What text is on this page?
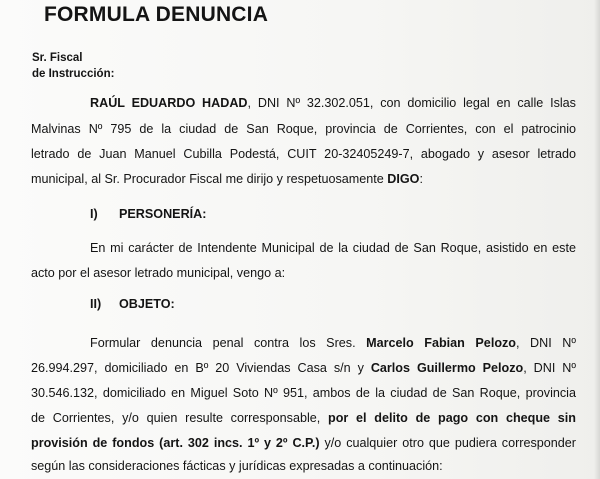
FORMULA DENUNCIA
Sr. Fiscal
de Instrucción:
RAÚL EDUARDO HADAD, DNI Nº 32.302.051, con domicilio legal en calle Islas
Malvinas Nº 795 de la ciudad de San Roque, provincia de Corrientes, con el patrocinio
letrado de Juan Manuel Cubilla Podestá, CUIT 20-32405249-7, abogado y asesor letrado
municipal, al Sr. Procurador Fiscal me dirijo y respetuosamente DIGO:
I) PERSONERÍA:
En mi carácter de Intendente Municipal de la ciudad de San Roque, asistido en este
acto por el asesor letrado municipal, vengo a:
II) OBJETO:
Formular denuncia penal contra los Sres. Marcelo Fabian Pelozo, DNI Nº
26.994.297, domiciliado en Bº 20 Viviendas Casa s/n y Carlos Guillermo Pelozo, DNI Nº
30.546.132, domiciliado en Miguel Soto Nº 951, ambos de la ciudad de San Roque, provincia
de Corrientes, y/o quien resulte corresponsable, por el delito de pago con cheque sin
provisión de fondos (art. 302 incs. 1º y 2º C.P.) y/o cualquier otro que pudiera corresponder
según las consideraciones fácticas y jurídicas expresadas a continuación:
